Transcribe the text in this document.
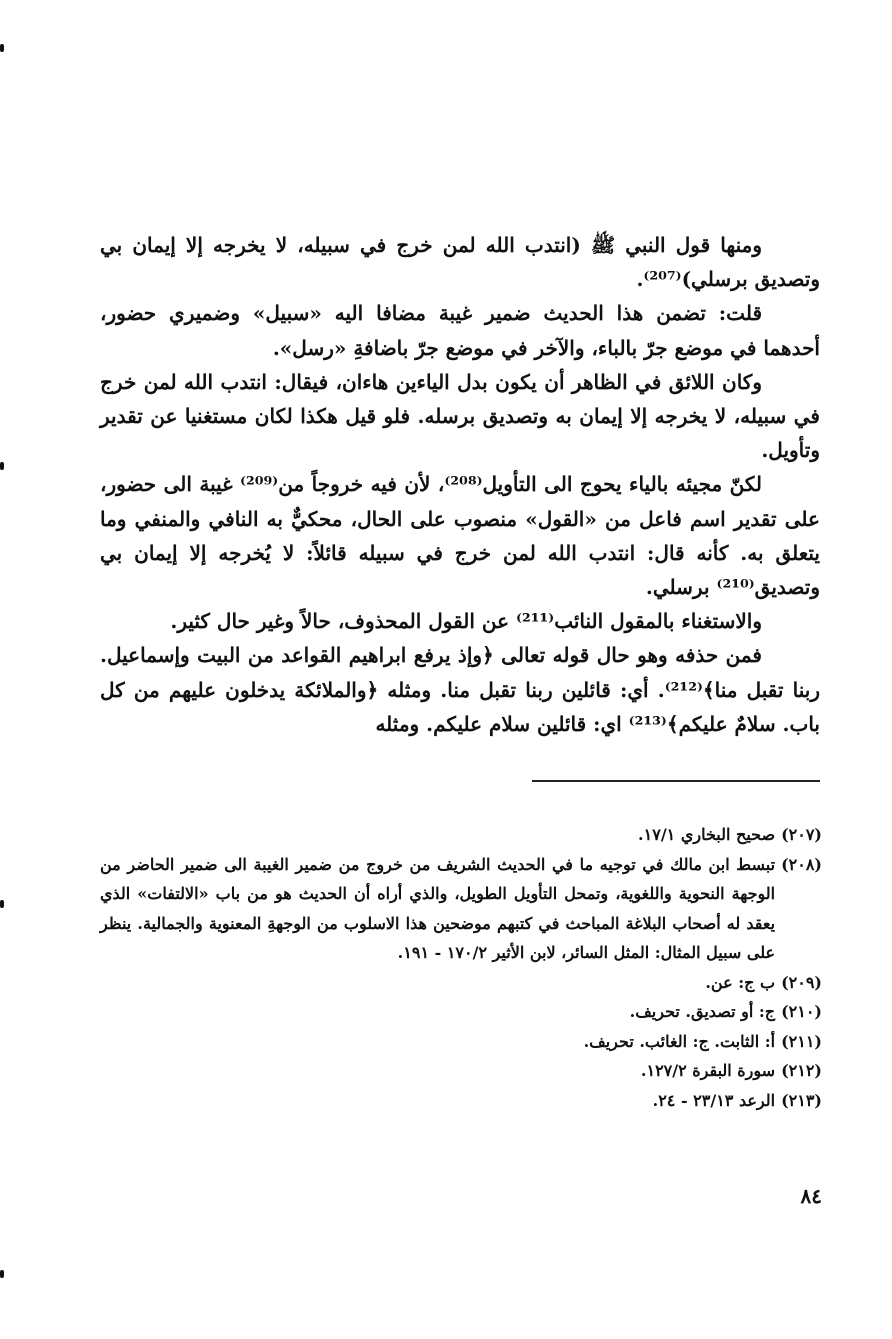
ومنها قول النبي ﷺ (انتدب الله لمن خرج في سبيله، لا يخرجه إلا إيمان بي وتصديق برسلي)⁽²⁰⁷⁾.

قلت: تضمن هذا الحديث ضمير غيبة مضافا اليه «سبيل» وضميري حضور، أحدهما في موضع جرّ بالباء، والآخر في موضع جرّ باضافةِ «رسل».

وكان اللائق في الظاهر أن يكون بدل الياءين هاءان، فيقال: انتدب الله لمن خرج في سبيله، لا يخرجه إلا إيمان به وتصديق برسله. فلو قيل هكذا لكان مستغنيا عن تقدير وتأويل.

لكنّ مجيئه بالياء يحوج الى التأويل⁽²⁰⁸⁾، لأن فيه خروجاً من⁽²⁰⁹⁾ غيبة الى حضور، على تقدير اسم فاعل من «القول» منصوب على الحال، محكيٌّ به النافي والمنفي وما يتعلق به. كأنه قال: انتدب الله لمن خرج في سبيله قائلاً: لا يُخرجه إلا إيمان بي وتصديق⁽²¹⁰⁾ برسلي.

والاستغناء بالمقول النائب⁽²¹¹⁾ عن القول المحذوف، حالاً وغير حال كثير.

فمن حذفه وهو حال قوله تعالى ﴿وإذ يرفع ابراهيم القواعد من البيت وإسماعيل. ربنا تقبل منا﴾⁽²¹²⁾. أي: قائلين ربنا تقبل منا. ومثله ﴿والملائكة يدخلون عليهم من كل باب. سلامٌ عليكم﴾⁽²¹³⁾ اي: قائلين سلام عليكم. ومثله

(٢٠٧)
صحيح البخاري ١٧/١.
(٢٠٨)
تبسط ابن مالك في توجيه ما في الحديث الشريف من خروج من ضمير الغيبة الى ضمير الحاضر من الوجهة النحوية واللغوية، وتمحل التأويل الطويل، والذي أراه أن الحديث هو من باب «الالتفات» الذي يعقد له أصحاب البلاغة المباحث في كتبهم موضحين هذا الاسلوب من الوجهةِ المعنوية والجمالية. ينظر على سبيل المثال: المثل السائر، لابن الأثير ١٧٠/٢ - ١٩١.
(٢٠٩)
ب ج: عن.
(٢١٠)
ج: أو تصديق. تحريف.
(٢١١)
أ: الثابت. ج: الغائب. تحريف.
(٢١٢)
سورة البقرة ١٢٧/٢.
(٢١٣)
الرعد ٢٣/١٣ - ٢٤.
٨٤
